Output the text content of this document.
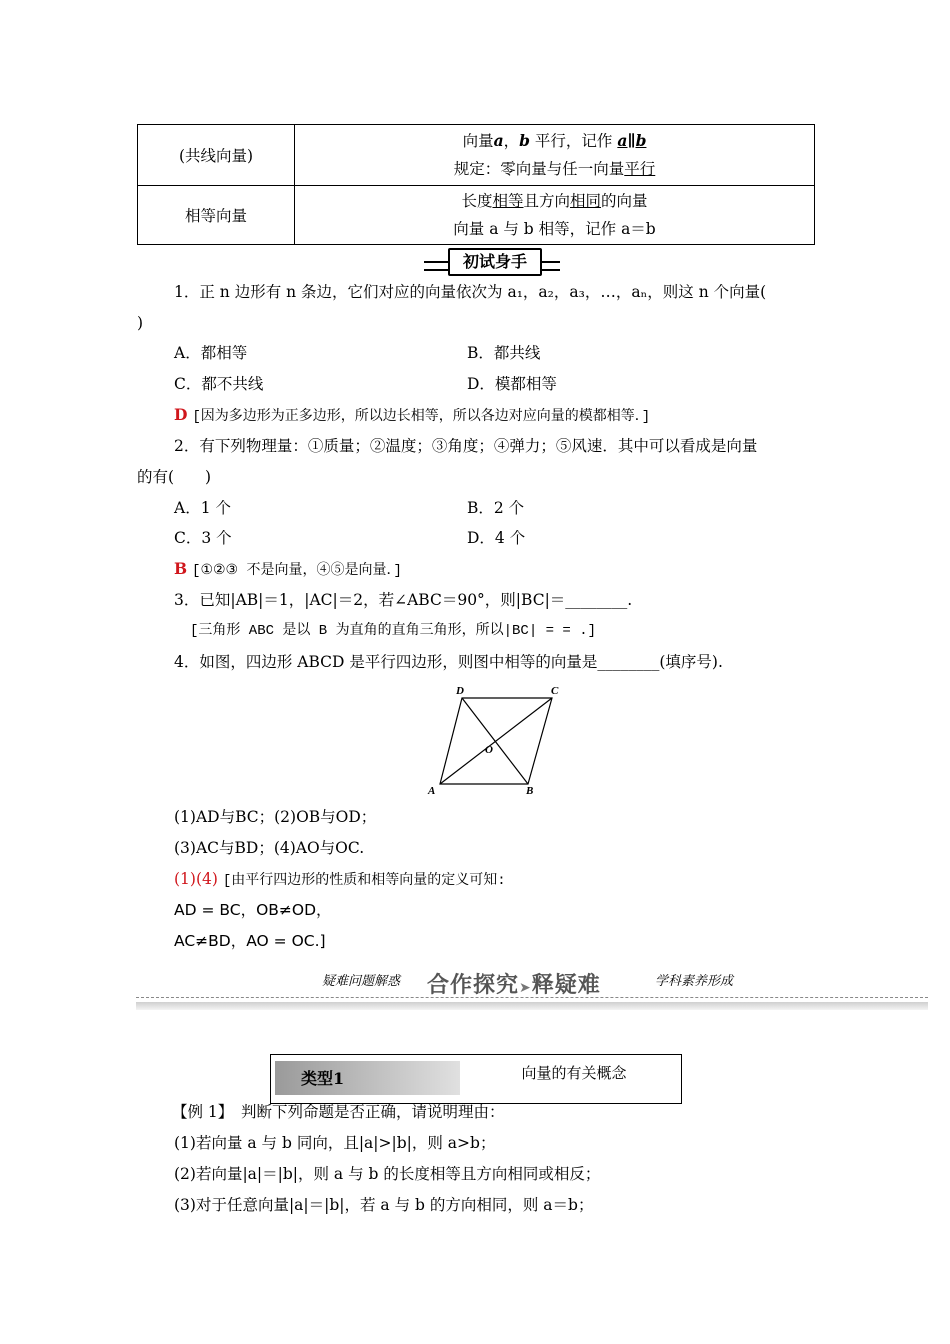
(共线向量)	向量a，b 平行，记作 a∥b

规定：零向量与任一向量平行

相等向量	长度相等且方向相同的向量

向量 a 与 b 相等，记作 a＝b

初试身手
1．正 n 边形有 n 条边，它们对应的向量依次为 a₁，a₂，a₃，…，aₙ，则这 n 个向量(
)
A．都相等	B．都共线
C．都不共线	D．模都相等
D [因为多边形为正多边形，所以边长相等，所以各边对应向量的模都相等．]
2．有下列物理量：①质量；②温度；③角度；④弹力；⑤风速．其中可以看成是向量
的有(　　)
A．1 个	B．2 个
C．3 个	D．4 个
B [①②③ 不是向量，④⑤是向量．]
3．已知|AB|＝1，|AC|＝2，若∠ABC＝90°，则|BC|＝________.
[三角形 ABC 是以 B 为直角的直角三角形，所以|BC| = = .]
4．如图，四边形 ABCD 是平行四边形，则图中相等的向量是________(填序号).
A	B
C
D
O
(1)AD与BC；(2)OB与OD；
(3)AC与BD；(4)AO与OC.
(1)(4) [由平行四边形的性质和相等向量的定义可知:
AD = BC，OB≠OD，
AC≠BD，AO = OC.]
疑难问题解惑 合作探究➤释疑难	学科素养形成
类型1	向量的有关概念
【例 1】　判断下列命题是否正确，请说明理由：
(1)若向量 a 与 b 同向，且|a|>|b|，则 a>b；
(2)若向量|a|＝|b|，则 a 与 b 的长度相等且方向相同或相反；
(3)对于任意向量|a|＝|b|，若 a 与 b 的方向相同，则 a＝b；
